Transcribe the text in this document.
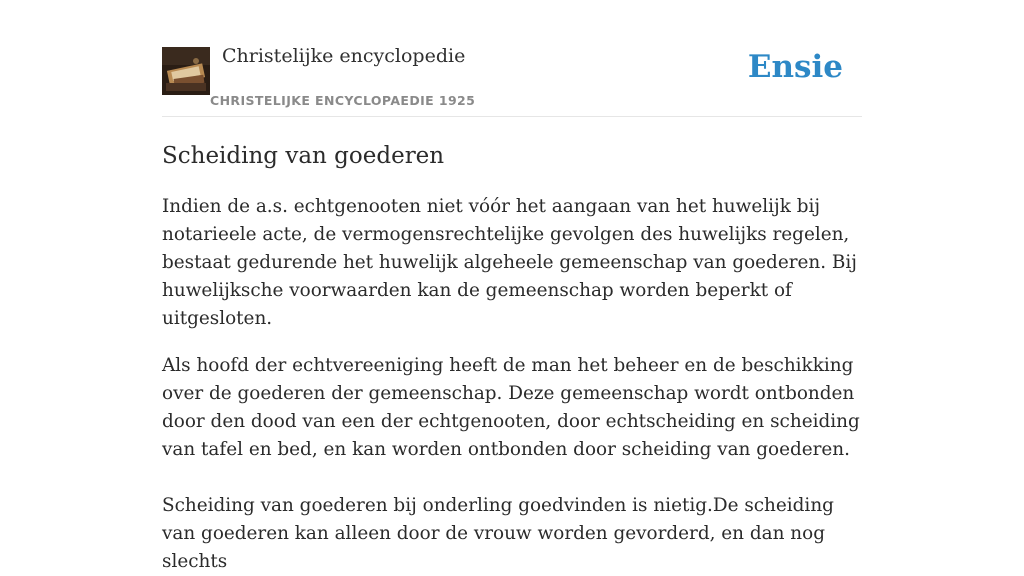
Christelijke encyclopedie
CHRISTELIJKE ENCYCLOPAEDIE 1925
Ensie
Scheiding van goederen

Indien de a.s. echtgenooten niet vóór het aangaan van het huwelijk bij notarieele acte, de vermogensrechtelijke gevolgen des huwelijks regelen, bestaat gedurende het huwelijk algeheele gemeenschap van goederen. Bij huwelijksche voorwaarden kan de gemeenschap worden beperkt of uitgesloten.

Als hoofd der echtvereeniging heeft de man het beheer en de beschikking over de goederen der gemeenschap. Deze gemeenschap wordt ontbonden door den dood van een der echtgenooten, door echtscheiding en scheiding van tafel en bed, en kan worden ontbonden door scheiding van goederen.

Scheiding van goederen bij onderling goedvinden is nietig.De scheiding van goederen kan alleen door de vrouw worden gevorderd, en dan nog slechts
